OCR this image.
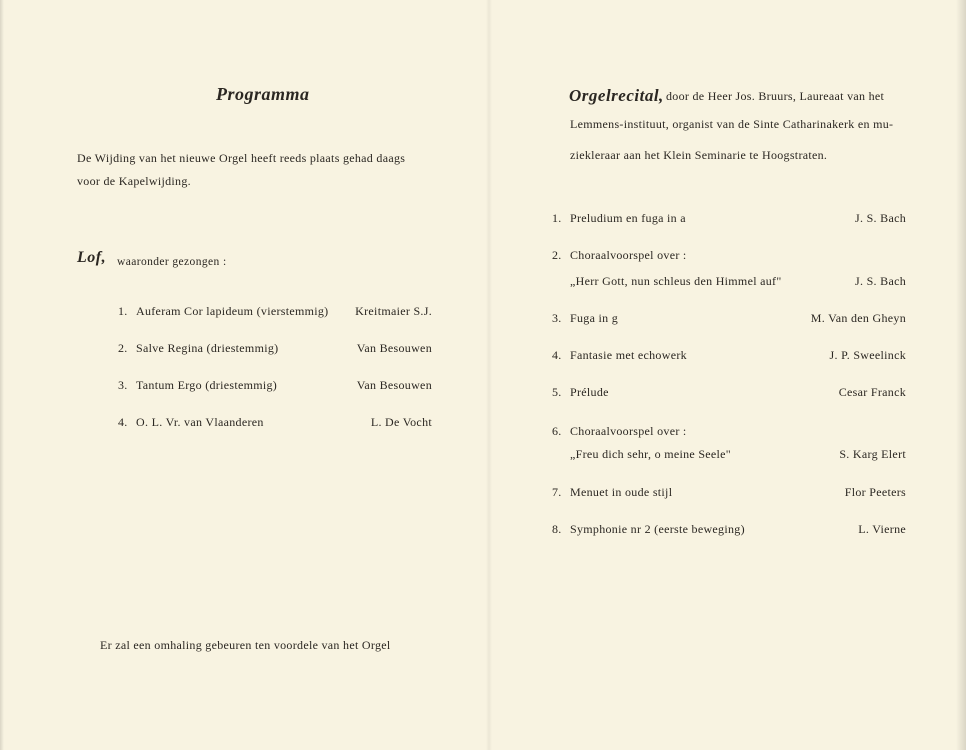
Programma
De Wijding van het nieuwe Orgel heeft reeds plaats gehad daags
voor de Kapelwijding.
Lof, waaronder gezongen :
1. Auferam Cor lapideum (vierstemmig)	Kreitmaier S.J.
2. Salve Regina (driestemmig)	Van Besouwen
3. Tantum Ergo (driestemmig)	Van Besouwen
4. O. L. Vr. van Vlaanderen	L. De Vocht
Er zal een omhaling gebeuren ten voordele van het Orgel
Orgelrecital, door de Heer Jos. Bruurs, Laureaat van het
Lemmens-instituut, organist van de Sinte Catharinakerk en mu-
ziekleraar aan het Klein Seminarie te Hoogstraten.
1. Preludium en fuga in a	J. S. Bach
2. Choraalvoorspel over :
„Herr Gott, nun schleus den Himmel auf"	J. S. Bach
3. Fuga in g	M. Van den Gheyn
4. Fantasie met echowerk	J. P. Sweelinck
5. Prélude	Cesar Franck
6. Choraalvoorspel over :
„Freu dich sehr, o meine Seele"	S. Karg Elert
7. Menuet in oude stijl	Flor Peeters
8. Symphonie nr 2 (eerste beweging)	L. Vierne
